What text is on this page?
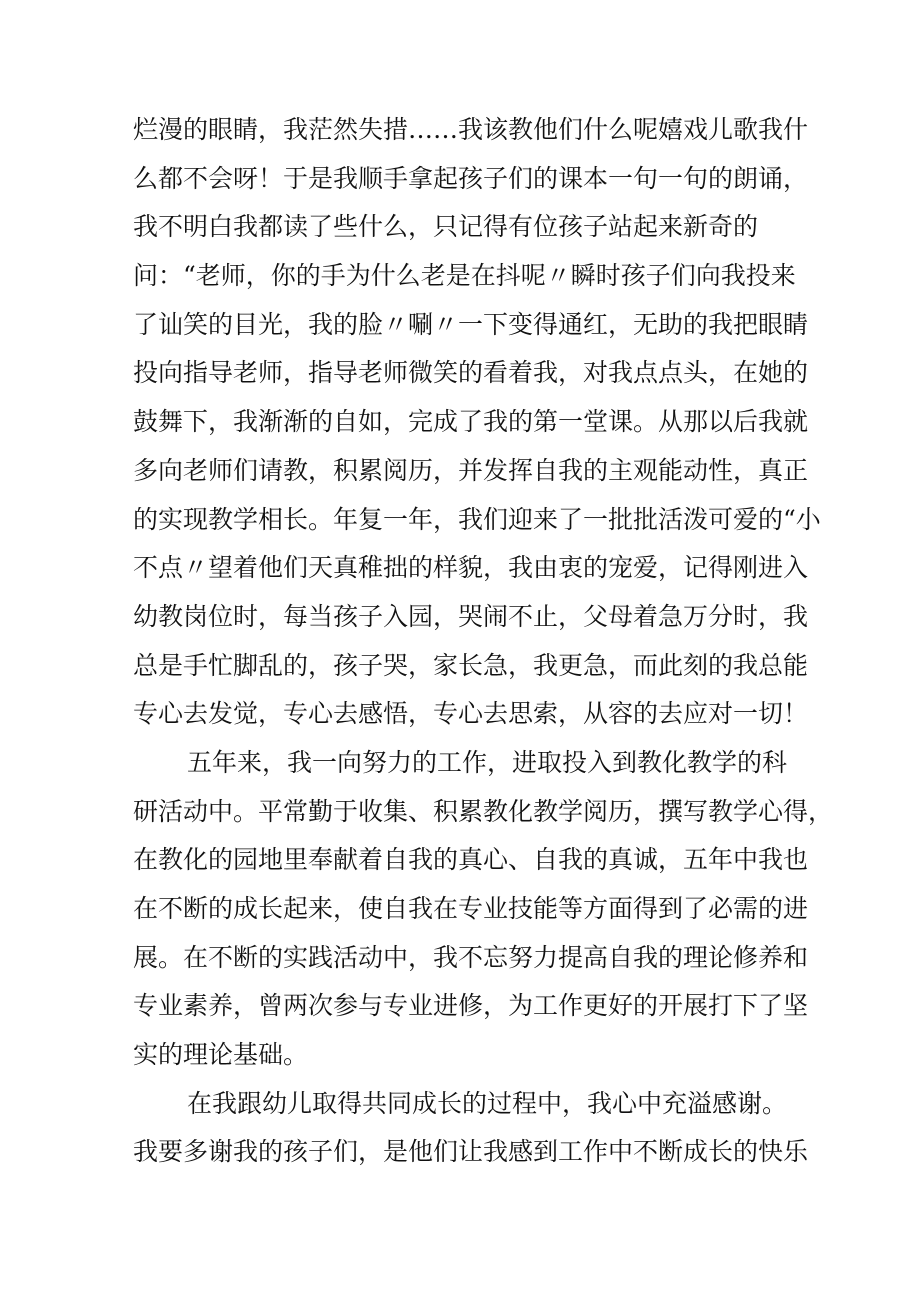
烂漫的眼睛，我茫然失措……我该教他们什么呢嬉戏儿歌我什
么都不会呀！于是我顺手拿起孩子们的课本一句一句的朗诵，
我不明白我都读了些什么，只记得有位孩子站起来新奇的
问：“老师，你的手为什么老是在抖呢〃瞬时孩子们向我投来
了讪笑的目光，我的脸〃唰〃一下变得通红，无助的我把眼睛
投向指导老师，指导老师微笑的看着我，对我点点头，在她的
鼓舞下，我渐渐的自如，完成了我的第一堂课。从那以后我就
多向老师们请教，积累阅历，并发挥自我的主观能动性，真正
的实现教学相长。年复一年，我们迎来了一批批活泼可爱的“小
不点〃望着他们天真稚拙的样貌，我由衷的宠爱，记得刚进入
幼教岗位时，每当孩子入园，哭闹不止，父母着急万分时，我
总是手忙脚乱的，孩子哭，家长急，我更急，而此刻的我总能
专心去发觉，专心去感悟，专心去思索，从容的去应对一切！
五年来，我一向努力的工作，进取投入到教化教学的科
研活动中。平常勤于收集、积累教化教学阅历，撰写教学心得，
在教化的园地里奉献着自我的真心、自我的真诚，五年中我也
在不断的成长起来，使自我在专业技能等方面得到了必需的进
展。在不断的实践活动中，我不忘努力提高自我的理论修养和
专业素养，曾两次参与专业进修，为工作更好的开展打下了坚
实的理论基础。
在我跟幼儿取得共同成长的过程中，我心中充溢感谢。
我要多谢我的孩子们，是他们让我感到工作中不断成长的快乐
